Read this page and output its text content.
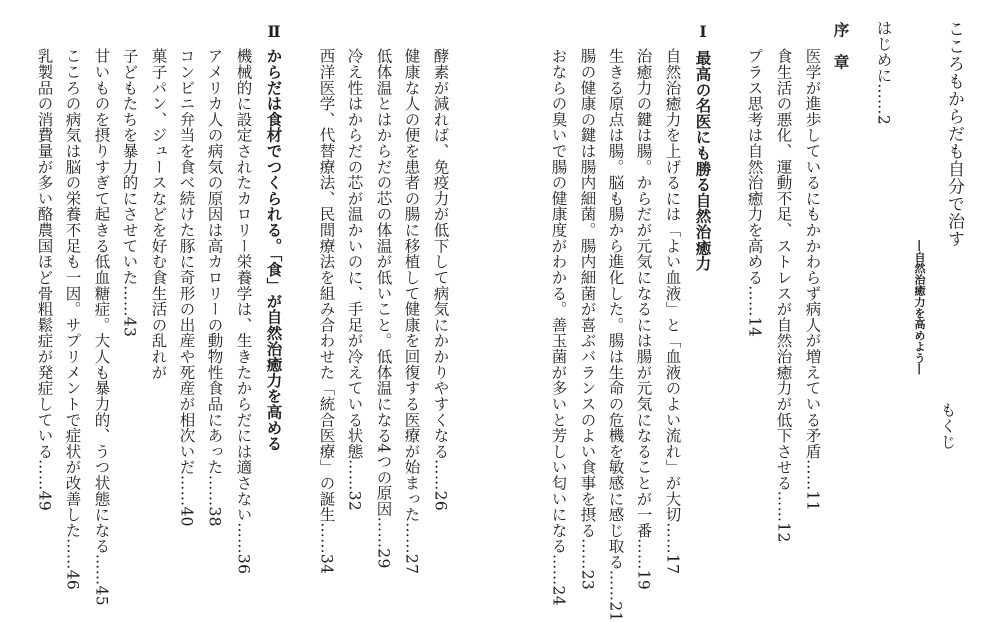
こころもからだも自分で治す
―自然治癒力を高めよう―
もくじ
はじめに……2
序　章
医学が進歩しているにもかかわらず病人が増えている矛盾……11
食生活の悪化、運動不足、ストレスが自然治癒力が低下させる……12
プラス思考は自然治癒力を高める……14
Ⅰ
最高の名医にも勝る自然治癒力
自然治癒力を上げるには「よい血液」と「血液のよい流れ」が大切……17
治癒力の鍵は腸。からだが元気になるには腸が元気になることが一番……19
生きる原点は腸。脳も腸から進化した。腸は生命の危機を敏感に感じ取る……21
腸の健康の鍵は腸内細菌。腸内細菌が喜ぶバランスのよい食事を摂る……23
おならの臭いで腸の健康度がわかる。善玉菌が多いと芳しい匂いになる……24
酵素が減れば、免疫力が低下して病気にかかりやすくなる……26
健康な人の便を患者の腸に移植して健康を回復する医療が始まった……27
低体温とはからだの芯の体温が低いこと。低体温になる4つの原因……29
冷え性はからだの芯が温かいのに、手足が冷えている状態……32
西洋医学、代替療法、民間療法を組み合わせた「統合医療」の誕生……34
Ⅱ
からだは食材でつくられる。「食」が自然治癒力を高める
機械的に設定されたカロリー栄養学は、生きたからだには適さない……36
アメリカ人の病気の原因は高カロリーの動物性食品にあった……38
コンビニ弁当を食べ続けた豚に奇形の出産や死産が相次いだ……40
菓子パン、ジュースなどを好む食生活の乱れが
子どもたちを暴力的にさせていた……43
甘いものを摂りすぎて起きる低血糖症。大人も暴力的、うつ状態になる……45
こころの病気は脳の栄養不足も一因。サプリメントで症状が改善した……46
乳製品の消費量が多い酪農国ほど骨粗鬆症が発症している……49
